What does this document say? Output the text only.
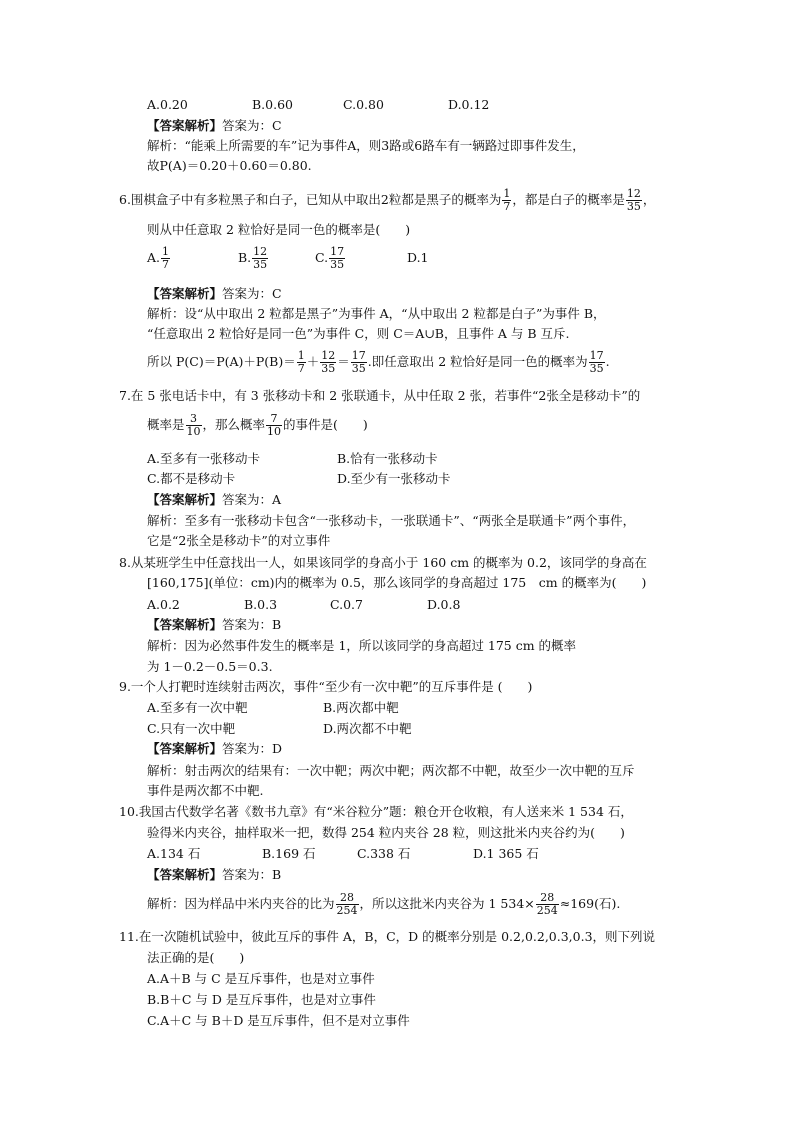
A.0.20	B.0.60	C.0.80	D.0.12
【答案解析】答案为：C
解析：“能乘上所需要的车”记为事件A，则3路或6路车有一辆路过即事件发生，
故P(A)＝0.20＋0.60＝0.80.
6.围棋盒子中有多粒黑子和白子，已知从中取出2粒都是黑子的概率为 $\frac{1}{7}$ ，都是白子的概率是 $\frac{12}{35}$ ，
则从中任意取 2 粒恰好是同一色的概率是(　　)
A. $\frac{1}{7}$	B. $\frac{12}{35}$	C. $\frac{17}{35}$	D.1
【答案解析】答案为：C
解析：设“从中取出 2 粒都是黑子”为事件 A，“从中取出 2 粒都是白子”为事件 B，
“任意取出 2 粒恰好是同一色”为事件 C，则 C＝A∪B，且事件 A 与 B 互斥.
所以 $P(C)=P(A)+P(B)= \frac{1}{7} + \frac{12}{35} = \frac{17}{35}$ .即任意取出 2 粒恰好是同一色的概率为 $\frac{17}{35}$ .
7.在 5 张电话卡中，有 3 张移动卡和 2 张联通卡，从中任取 2 张，若事件“2张全是移动卡”的
概率是 $\frac{3}{10}$ ，那么概率 $\frac{7}{10}$ 的事件是(　　)
A.至多有一张移动卡	B.恰有一张移动卡
C.都不是移动卡	D.至少有一张移动卡
【答案解析】答案为：A
解析：至多有一张移动卡包含“一张移动卡，一张联通卡”、“两张全是联通卡”两个事件，
它是“2张全是移动卡”的对立事件
8.从某班学生中任意找出一人，如果该同学的身高小于 160 cm 的概率为 0.2，该同学的身高在
[160,175](单位：cm)内的概率为 0.5，那么该同学的身高超过 175　cm 的概率为(　　)
A.0.2	B.0.3	C.0.7	D.0.8
【答案解析】答案为：B
解析：因为必然事件发生的概率是 1，所以该同学的身高超过 175 cm 的概率
为 1－0.2－0.5＝0.3.
9.一个人打靶时连续射击两次，事件“至少有一次中靶”的互斥事件是 (　　)
A.至多有一次中靶	B.两次都中靶
C.只有一次中靶	D.两次都不中靶
【答案解析】答案为：D
解析：射击两次的结果有：一次中靶；两次中靶；两次都不中靶，故至少一次中靶的互斥
事件是两次都不中靶.
10.我国古代数学名著《数书九章》有“米谷粒分”题：粮仓开仓收粮，有人送来米 1 534 石，
验得米内夹谷，抽样取米一把，数得 254 粒内夹谷 28 粒，则这批米内夹谷约为(　　)
A.134 石	B.169 石	C.338 石	D.1 365 石
【答案解析】答案为：B
解析：因为样品中米内夹谷的比为 $\frac{28}{254}$ ，所以这批米内夹谷为 1 $534\times \frac{28}{254} \approx 169$(石).
11.在一次随机试验中，彼此互斥的事件 A，B，C，D 的概率分别是 0.2,0.2,0.3,0.3，则下列说
法正确的是(　　)
A.A＋B 与 C 是互斥事件，也是对立事件
B.B＋C 与 D 是互斥事件，也是对立事件
C.A＋C 与 B＋D 是互斥事件，但不是对立事件
